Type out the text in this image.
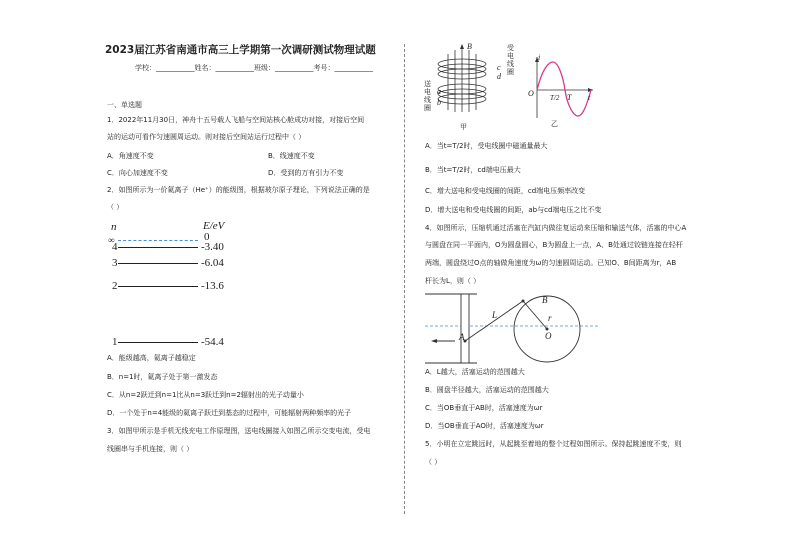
2023届江苏省南通市高三上学期第一次调研测试物理试题
学校：___________姓名：___________班级：___________考号：___________
一、单选题
1．2022年11月30日，神舟十五号载人飞船与空间站核心舱成功对接，对接后空间
站的运动可看作匀速圆周运动。则对接后空间站运行过程中（ ）
A．角速度不变	B．线速度不变
C．向心加速度不变	D．受到的万有引力不变
2．如图所示为一价氦离子（He⁺）的能级图，根据玻尔原子理论，下列说法正确的是
（ ）
n	E/eV
∞	0
4	-3.40
3	-6.04
2	-13.6
1	-54.4
A．能级越高，氦离子越稳定
B．n=1时，氦离子处于第一激发态
C．从n=2跃迁到n=1比从n=3跃迁到n=2辐射出的光子动量小
D．一个处于n=4能级的氦离子跃迁到基态的过程中，可能辐射两种频率的光子
3．如图甲所示是手机无线充电工作原理图，送电线圈接入如图乙所示交变电流，受电
线圈串与手机连接，则（ ）
B	受电线圈
c
d
送电线圈
a
b
甲
i
O T/2 T t
乙
A．当t=T/2时，受电线圈中磁通量最大
B．当t=T/2时，cd端电压最大
C．增大送电和受电线圈的间距，cd端电压频率改变
D．增大送电和受电线圈的间距，ab与cd端电压之比不变
4．如图所示，压缩机通过活塞在汽缸内做往复运动来压缩和输送气体，活塞的中心A
与圆盘在同一平面内，O为圆盘圆心，B为圆盘上一点，A、B处通过铰链连接在轻杆
两端，圆盘绕过O点的轴做角速度为ω的匀速圆周运动。已知O、B间距离为r，AB
杆长为L，则（ ）
A
L
B
r
O
A．L越大，活塞运动的范围越大
B．圆盘半径越大，活塞运动的范围越大
C．当OB垂直于AB时，活塞速度为ωr
D．当OB垂直于AO时，活塞速度为ωr
5．小明在立定跳远时，从起跳至着地的整个过程如图所示。保持起跳速度不变，则
（ ）
